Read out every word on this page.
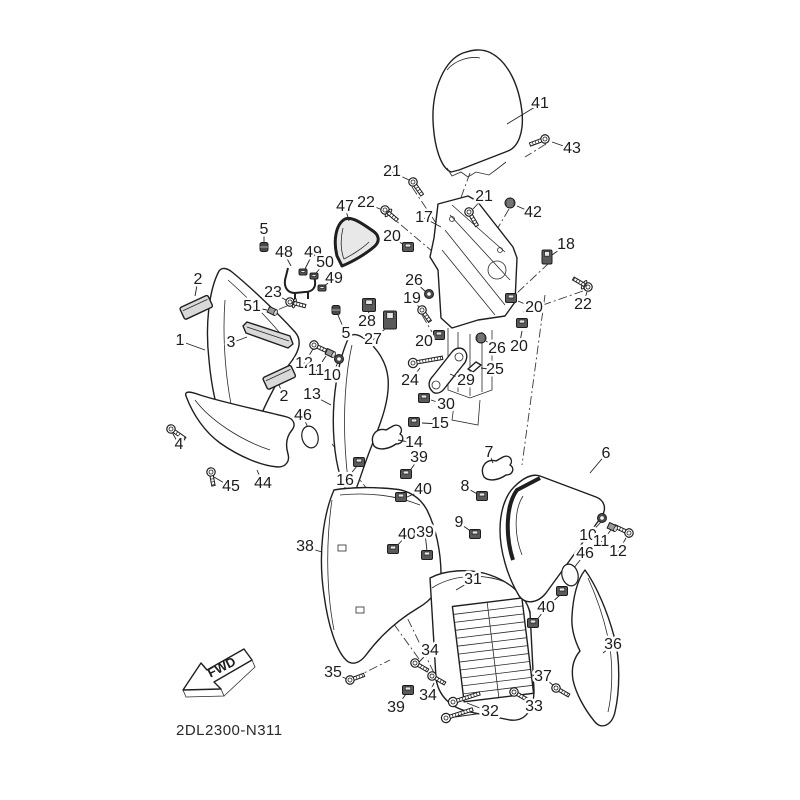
FWD
2DL2300-N311
41
43
42
21
21
17
47 22
20	18
22
20
20
26
19
5
48 49
50
49
2
23
51
1	3
28
27
5	20	26
25
24 29
30
15
14
12
11
10
13
46
2
4
45 44
39
16
40
7
8
9
6
38
40 39
31
10
11
12
46
40
36
37
33
35
34
34
39	32
